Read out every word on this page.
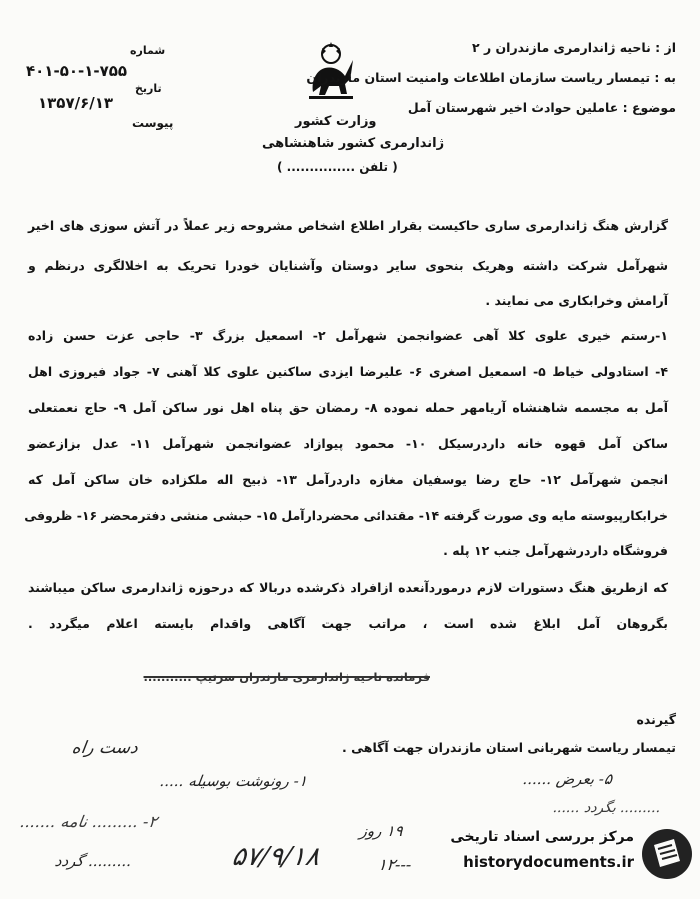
از : ناحیه ژاندارمری مازندران ر ۲
به : تیمسار ریاست سازمان اطلاعات وامنیت استان مازندران
موضوع : عاملین حوادث اخیر شهرستان آمل
شماره
۴۰۱-۵۰-۱-۷۵۵
تاریخ
۱۳۵۷/۶/۱۳
پیوست	وزارت کشور
ژاندارمری کشور شاهنشاهی
( تلفن ............... )
گزارش هنگ ژاندارمری ساری حاکیست بقرار اطلاع اشخاص مشروحه زیر عملاً در آتش سوزی های اخیر
شهرآمل شرکت داشته وهریک بنحوی سایر دوستان وآشنایان خودرا تحریک به اخلالگری درنظم و
آرامش وخرابکاری می نمایند .
۱-رستم خیری علوی کلا آهی عضوانجمن شهرآمل ۲- اسمعیل بزرگ ۳- حاجی عزت حسن زاده
۴- استادولی خیاط ۵- اسمعیل اصغری ۶- علیرضا ایزدی ساکنین علوی کلا آهنی ۷- جواد فیروزی اهل
آمل به مجسمه شاهنشاه آریامهر حمله نموده ۸- رمضان حق پناه اهل نور ساکن آمل ۹- حاج نعمتعلی
ساکن آمل قهوه خانه داردرسیکل ۱۰- محمود پیوازاد عضوانجمن شهرآمل ۱۱- عدل بزازعضو
انجمن شهرآمل ۱۲- حاج رضا یوسفیان مغازه داردرآمل ۱۳- ذبیح اله ملکزاده خان ساکن آمل که
خرابکارپیوسته مایه وی صورت گرفته ۱۴- مقتدائی محضردارآمل ۱۵- حبشی منشی دفترمحضر ۱۶- ظروفی
فروشگاه داردرشهرآمل جنب ۱۲ پله .
که ازطریق هنگ دستورات لازم درموردآنعده ازافراد ذکرشده دربالا که درحوزه ژاندارمری ساکن میباشند
بگروهان آمل ابلاغ شده است ، مراتب جهت آگاهی واقدام بایسته اعلام میگردد .
فرمانده ناحیه ژاندارمری مازندران سرتیپ ...........
گیرنده
تیمسار ریاست شهربانی استان مازندران جهت آگاهی .
دست راه
۱- رونوشت بوسیله .....
۲- ......... نامه .......
......... گردد	۵۷/۹/۱۸
۵- بعرض ......
......... بگردد ......
۱۹ روز
۱۲---
مرکز بررسی اسناد تاریخی
historydocuments.ir
